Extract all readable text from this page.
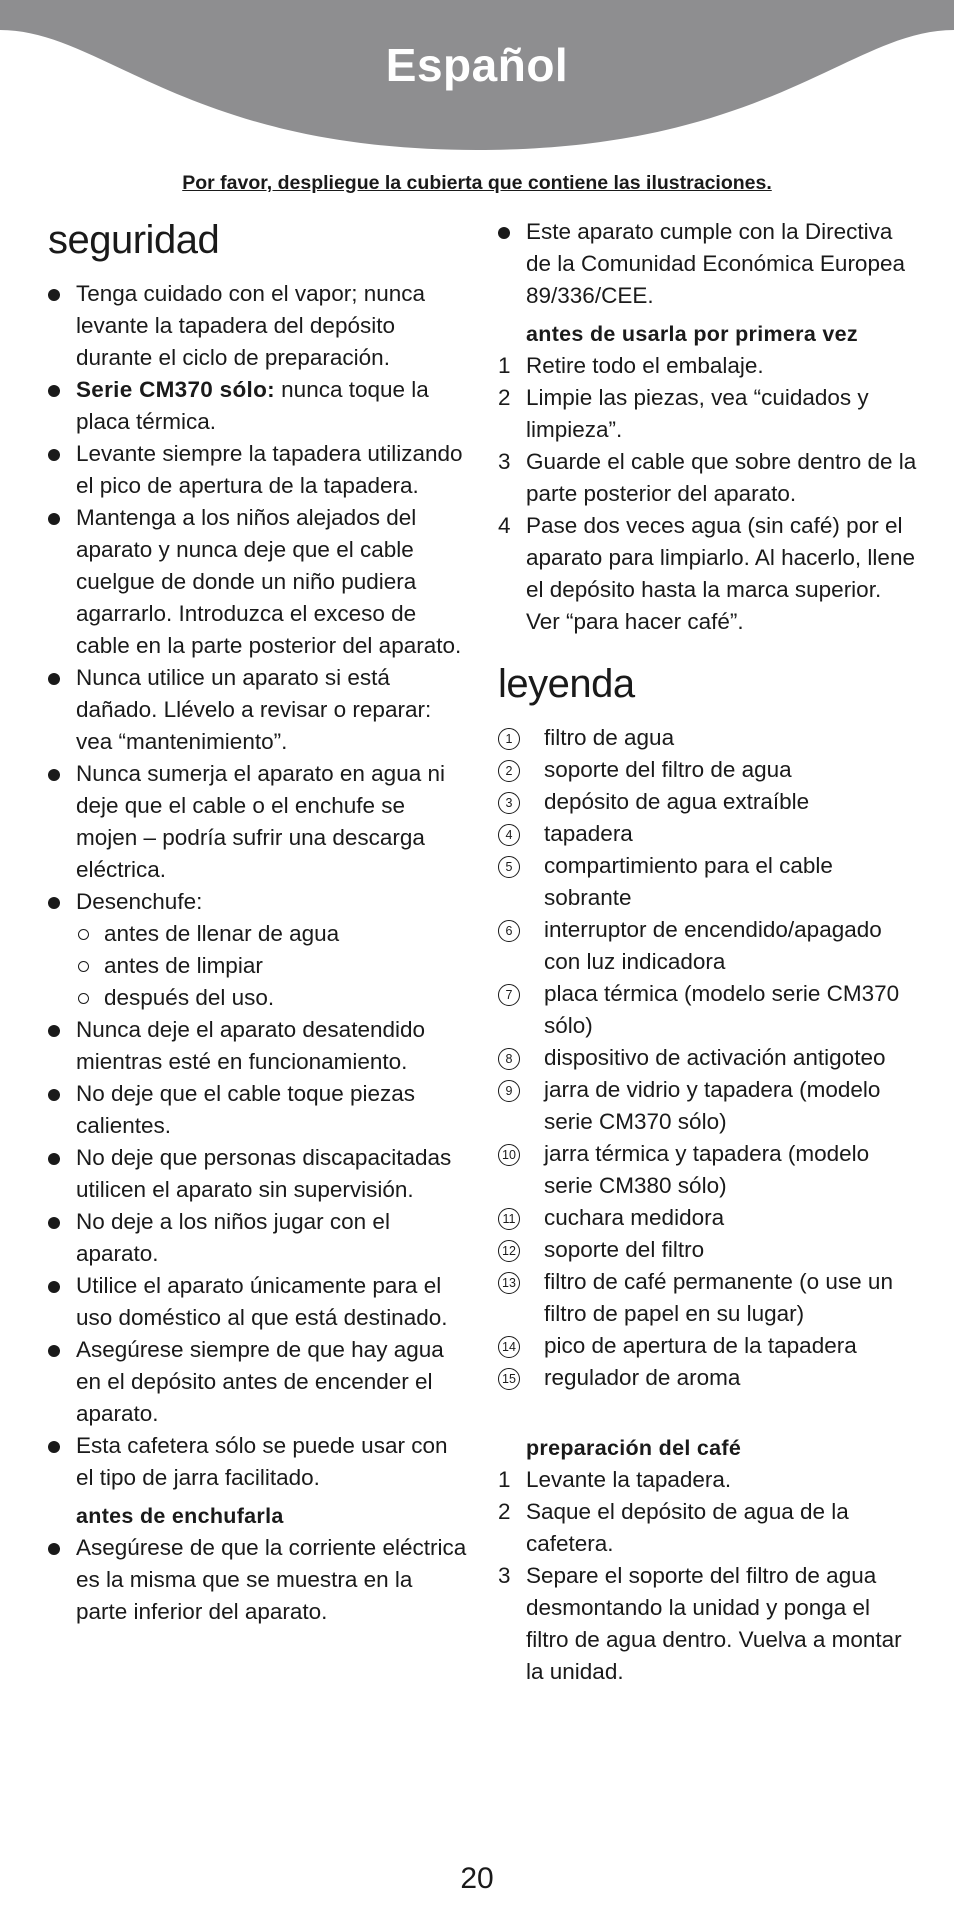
Español
Por favor, despliegue la cubierta que contiene las ilustraciones.
seguridad
Tenga cuidado con el vapor; nunca levante la tapadera del depósito durante el ciclo de preparación.
Serie CM370 sólo: nunca toque la placa térmica.
Levante siempre la tapadera utilizando el pico de apertura de la tapadera.
Mantenga a los niños alejados del aparato y nunca deje que el cable cuelgue de donde un niño pudiera agarrarlo. Introduzca el exceso de cable en la parte posterior del aparato.
Nunca utilice un aparato si está dañado. Llévelo a revisar o reparar: vea “mantenimiento”.
Nunca sumerja el aparato en agua ni deje que el cable o el enchufe se mojen – podría sufrir una descarga eléctrica.
Desenchufe:
antes de llenar de agua
antes de limpiar
después del uso.
Nunca deje el aparato desatendido mientras esté en funcionamiento.
No deje que el cable toque piezas calientes.
No deje que personas discapacitadas utilicen el aparato sin supervisión.
No deje a los niños jugar con el aparato.
Utilice el aparato únicamente para el uso doméstico al que está destinado.
Asegúrese siempre de que hay agua en el depósito antes de encender el aparato.
Esta cafetera sólo se puede usar con el tipo de jarra facilitado.
antes de enchufarla
Asegúrese de que la corriente eléctrica es la misma que se muestra en la parte inferior del aparato.
Este aparato cumple con la Directiva de la Comunidad Económica Europea 89/336/CEE.
antes de usarla por primera vez
1 Retire todo el embalaje.
2 Limpie las piezas, vea “cuidados y limpieza”.
3 Guarde el cable que sobre dentro de la parte posterior del aparato.
4 Pase dos veces agua (sin café) por el aparato para limpiarlo. Al hacerlo, llene el depósito hasta la marca superior. Ver “para hacer café”.
leyenda
1	filtro de agua
2	soporte del filtro de agua
3	depósito de agua extraíble
4	tapadera
5	compartimiento para el cable sobrante
6	interruptor de encendido/apagado con luz indicadora
7	placa térmica (modelo serie CM370 sólo)
8	dispositivo de activación antigoteo
9	jarra de vidrio y tapadera (modelo serie CM370 sólo)
10 jarra térmica y tapadera (modelo serie CM380 sólo)
11 cuchara medidora
12 soporte del filtro
13 filtro de café permanente (o use un filtro de papel en su lugar)
14 pico de apertura de la tapadera
15 regulador de aroma
preparación del café
1 Levante la tapadera.
2 Saque el depósito de agua de la cafetera.
3 Separe el soporte del filtro de agua desmontando la unidad y ponga el filtro de agua dentro. Vuelva a montar la unidad.
20
